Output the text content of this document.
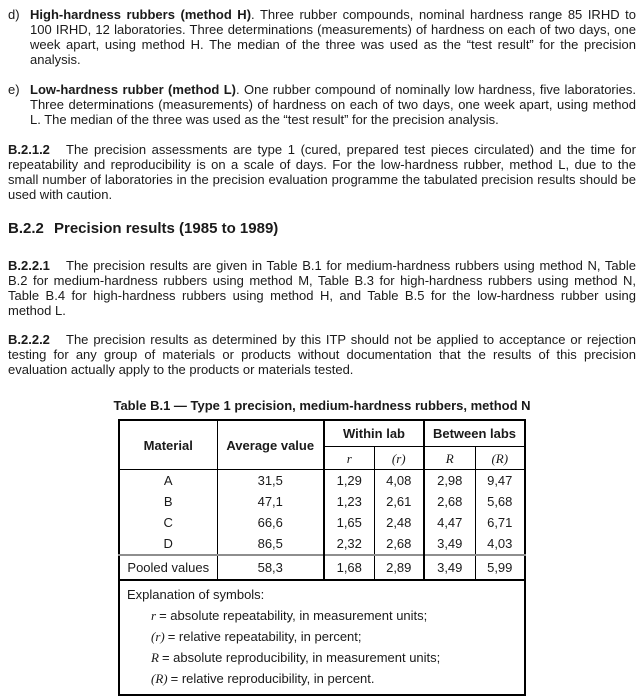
d) High-hardness rubbers (method H). Three rubber compounds, nominal hardness range 85 IRHD to 100 IRHD, 12 laboratories. Three determinations (measurements) of hardness on each of two days, one week apart, using method H. The median of the three was used as the “test result” for the precision analysis.
e) Low-hardness rubber (method L). One rubber compound of nominally low hardness, five laboratories. Three determinations (measurements) of hardness on each of two days, one week apart, using method L. The median of the three was used as the “test result” for the precision analysis.

B.2.1.2 The precision assessments are type 1 (cured, prepared test pieces circulated) and the time for repeatability and reproducibility is on a scale of days. For the low-hardness rubber, method L, due to the small number of laboratories in the precision evaluation programme the tabulated precision results should be used with caution.

B.2.2 Precision results (1985 to 1989)

B.2.2.1 The precision results are given in Table B.1 for medium-hardness rubbers using method N, Table B.2 for medium-hardness rubbers using method M, Table B.3 for high-hardness rubbers using method N, Table B.4 for high-hardness rubbers using method H, and Table B.5 for the low-hardness rubber using method L.

B.2.2.2 The precision results as determined by this ITP should not be applied to acceptance or rejection testing for any group of materials or products without documentation that the results of this precision evaluation actually apply to the products or materials tested.

Table B.1 — Type 1 precision, medium-hardness rubbers, method N

Material	Average value	Within lab		Between labs	
		r	(r)	R	(R)
A	31,5	1,29	4,08	2,98	9,47
B	47,1	1,23	2,61	2,68	5,68
C	66,6	1,65	2,48	4,47	6,71
D	86,5	2,32	2,68	3,49	4,03
Pooled values	58,3	1,68	2,89	3,49	5,99

Explanation of symbols:
r = absolute repeatability, in measurement units;
(r) = relative repeatability, in percent;
R = absolute reproducibility, in measurement units;
(R) = relative reproducibility, in percent.					
